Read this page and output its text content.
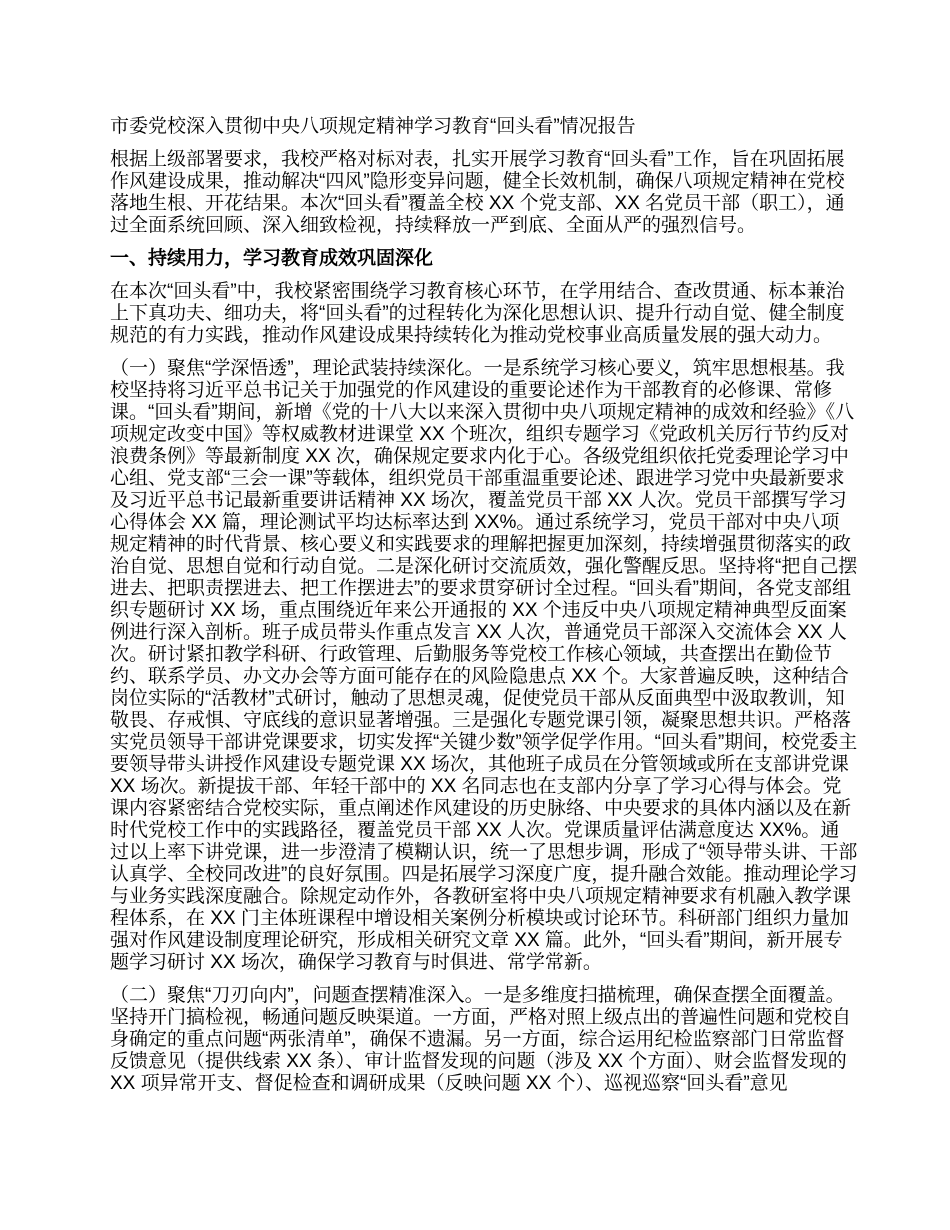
市委党校深入贯彻中央八项规定精神学习教育“回头看”情况报告

根据上级部署要求，我校严格对标对表，扎实开展学习教育“回头看”工作，旨在巩固拓展作风建设成果，推动解决“四风”隐形变异问题，健全长效机制，确保八项规定精神在党校落地生根、开花结果。本次“回头看”覆盖全校 XX 个党支部、XX 名党员干部（职工），通过全面系统回顾、深入细致检视，持续释放一严到底、全面从严的强烈信号。

一、持续用力，学习教育成效巩固深化

在本次“回头看”中，我校紧密围绕学习教育核心环节，在学用结合、查改贯通、标本兼治上下真功夫、细功夫，将“回头看”的过程转化为深化思想认识、提升行动自觉、健全制度规范的有力实践，推动作风建设成果持续转化为推动党校事业高质量发展的强大动力。

（一）聚焦“学深悟透”，理论武装持续深化。一是系统学习核心要义，筑牢思想根基。我校坚持将习近平总书记关于加强党的作风建设的重要论述作为干部教育的必修课、常修课。“回头看”期间，新增《党的十八大以来深入贯彻中央八项规定精神的成效和经验》《八项规定改变中国》等权威教材进课堂 XX 个班次，组织专题学习《党政机关厉行节约反对浪费条例》等最新制度 XX 次，确保规定要求内化于心。各级党组织依托党委理论学习中心组、党支部“三会一课”等载体，组织党员干部重温重要论述、跟进学习党中央最新要求及习近平总书记最新重要讲话精神 XX 场次，覆盖党员干部 XX 人次。党员干部撰写学习心得体会 XX 篇，理论测试平均达标率达到 XX%。通过系统学习，党员干部对中央八项规定精神的时代背景、核心要义和实践要求的理解把握更加深刻，持续增强贯彻落实的政治自觉、思想自觉和行动自觉。二是深化研讨交流质效，强化警醒反思。坚持将“把自己摆进去、把职责摆进去、把工作摆进去”的要求贯穿研讨全过程。“回头看”期间，各党支部组织专题研讨 XX 场，重点围绕近年来公开通报的 XX 个违反中央八项规定精神典型反面案例进行深入剖析。班子成员带头作重点发言 XX 人次，普通党员干部深入交流体会 XX 人次。研讨紧扣教学科研、行政管理、后勤服务等党校工作核心领域，共查摆出在勤俭节约、联系学员、办文办会等方面可能存在的风险隐患点 XX 个。大家普遍反映，这种结合岗位实际的“活教材”式研讨，触动了思想灵魂，促使党员干部从反面典型中汲取教训，知敬畏、存戒惧、守底线的意识显著增强。三是强化专题党课引领，凝聚思想共识。严格落实党员领导干部讲党课要求，切实发挥“关键少数”领学促学作用。“回头看”期间，校党委主要领导带头讲授作风建设专题党课 XX 场次，其他班子成员在分管领域或所在支部讲党课 XX 场次。新提拔干部、年轻干部中的 XX 名同志也在支部内分享了学习心得与体会。党课内容紧密结合党校实际，重点阐述作风建设的历史脉络、中央要求的具体内涵以及在新时代党校工作中的实践路径，覆盖党员干部 XX 人次。党课质量评估满意度达 XX%。通过以上率下讲党课，进一步澄清了模糊认识，统一了思想步调，形成了“领导带头讲、干部认真学、全校同改进”的良好氛围。四是拓展学习深度广度，提升融合效能。推动理论学习与业务实践深度融合。除规定动作外，各教研室将中央八项规定精神要求有机融入教学课程体系，在 XX 门主体班课程中增设相关案例分析模块或讨论环节。科研部门组织力量加强对作风建设制度理论研究，形成相关研究文章 XX 篇。此外，“回头看”期间，新开展专题学习研讨 XX 场次，确保学习教育与时俱进、常学常新。

（二）聚焦“刀刃向内”，问题查摆精准深入。一是多维度扫描梳理，确保查摆全面覆盖。坚持开门搞检视，畅通问题反映渠道。一方面，严格对照上级点出的普遍性问题和党校自身确定的重点问题“两张清单”，确保不遗漏。另一方面，综合运用纪检监察部门日常监督反馈意见（提供线索 XX 条）、审计监督发现的问题（涉及 XX 个方面）、财会监督发现的 XX 项异常开支、督促检查和调研成果（反映问题 XX 个）、巡视巡察“回头看”意见
